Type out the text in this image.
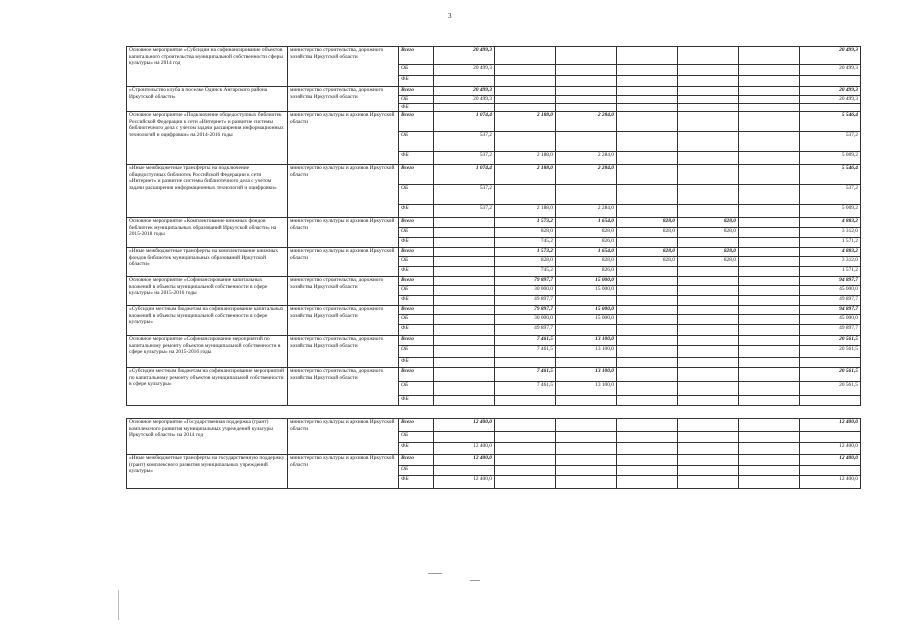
3
Основное мероприятие «Субсидии на софинансирование объектов капитального строительства муниципальной собственности сферы культуры» на 2014 год	министерство строительства, дорожного хозяйства Иркутской области	Всего	20 499,3						20 499,3
		ОБ	20 499,3						20 499,3
		ФБ							
«Строительство клуба в поселке Одинск Ангарского района Иркутской области»	министерство строительства, дорожного хозяйства Иркутской области	Всего	20 499,3						20 499,3
		ОБ	20 499,3						20 499,3
		ФБ							
Основное мероприятие «Подключение общедоступных библиотек Российской Федерации к сети «Интернет» и развитие системы библиотечного дела с учетом задачи расширения информационных технологий и оцифровки» на 2014-2016 годы	министерство культуры и архивов Иркутской области	Всего	1 074,4	2 188,0	2 284,0				5 546,4
		ОБ	537,2						537,2
		ФБ	537,2	2 188,0	2 284,0				5 009,2
«Иные межбюджетные трансферты на подключение общедоступных библиотек Российской Федерации к сети «Интернет» и развитие системы библиотечного дела с учетом задачи расширения информационных технологий и оцифровки»	министерство культуры и архивов Иркутской области	Всего	1 074,4	2 188,0	2 284,0				5 546,4
		ОБ	537,2						537,2
		ФБ	537,2	2 188,0	2 284,0				5 009,2
Основное мероприятие «Комплектование книжных фондов библиотек муниципальных образований Иркутской области» на 2015-2018 годы	министерство культуры и архивов Иркутской области	Всего		1 573,2	1 654,0	828,0	828,0		4 883,2
		ОБ		828,0	828,0	828,0	828,0		3 312,0
		ФБ		745,2	826,0				1 571,2
«Иные межбюджетные трансферты на комплектование книжных фондов библиотек муниципальных образований Иркутской области»	министерство культуры и архивов Иркутской области	Всего		1 573,2	1 654,0	828,0	828,0		4 883,2
		ОБ		828,0	828,0	828,0	828,0		3 312,0
		ФБ		745,2	826,0				1 571,2
Основное мероприятие «Софинансирование капитальных вложений в объекты муниципальной собственности в сфере культуры» на 2015-2016 годы	министерство строительства, дорожного хозяйства Иркутской области	Всего		79 897,7	15 000,0				94 897,7
		ОБ		30 000,0	15 000,0				45 000,0
		ФБ		49 897,7					49 897,7
«Субсидии местным бюджетам на софинансирование капитальных вложений в объекты муниципальной собственности в сфере культуры»	министерство строительства, дорожного хозяйства Иркутской области	Всего		79 897,7	15 000,0				94 897,7
		ОБ		30 000,0	15 000,0				45 000,0
		ФБ		49 897,7					49 897,7
Основное мероприятие «Софинансирование мероприятий по капитальному ремонту объектов муниципальной собственности в сфере культуры» на 2015-2016 годы	министерство строительства, дорожного хозяйства Иркутской области	Всего		7 461,5	13 100,0				20 561,5
		ОБ		7 461,5	13 100,0				20 561,5
		ФБ							
«Субсидии местным бюджетам на софинансирование мероприятий по капитальному ремонту объектов муниципальной собственности в сфере культуры»	министерство строительства, дорожного хозяйства Иркутской области	Всего		7 461,5	13 100,0				20 561,5
		ОБ		7 461,5	13 100,0				20 561,5
		ФБ							

Основное мероприятие «Государственная поддержка (грант) комплексного развития муниципальных учреждений культуры Иркутской области» на 2014 год	министерство культуры и архивов Иркутской области	Всего	12 400,0						12 400,0
		ОБ							
		ФБ	12 400,0						12 400,0
«Иные межбюджетные трансферты на государственную поддержку (грант) комплексного развития муниципальных учреждений культуры»	министерство культуры и архивов Иркутской области	Всего	12 400,0						12 400,0
		ОБ							
		ФБ	12 400,0						12 400,0
